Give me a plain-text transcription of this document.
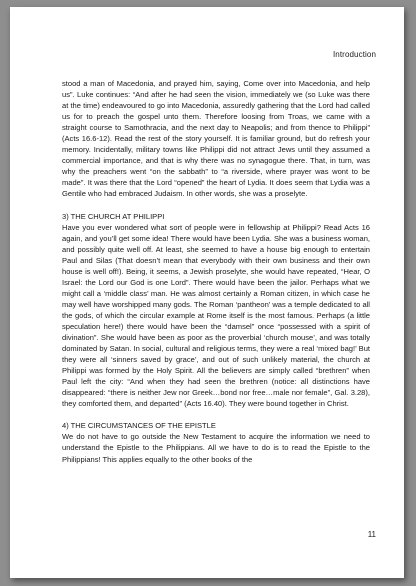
Introduction

stood a man of Macedonia, and prayed him, saying, Come over into Macedonia, and help us”. Luke continues: “And after he had seen the vision, immediately we (so Luke was there at the time) endeavoured to go into Macedonia, assuredly gathering that the Lord had called us for to preach the gospel unto them. Therefore loosing from Troas, we came with a straight course to Samothracia, and the next day to Neapolis; and from thence to Philippi” (Acts 16.6-12). Read the rest of the story yourself. It is familiar ground, but do refresh your memory. Incidentally, military towns like Philippi did not attract Jews until they assumed a commercial importance, and that is why there was no synagogue there. That, in turn, was why the preachers went “on the sabbath” to “a riverside, where prayer was wont to be made”. It was there that the Lord “opened” the heart of Lydia. It does seem that Lydia was a Gentile who had embraced Judaism. In other words, she was a proselyte.

3) THE CHURCH AT PHILIPPI

Have you ever wondered what sort of people were in fellowship at Philippi? Read Acts 16 again, and you’ll get some idea! There would have been Lydia. She was a business woman, and possibly quite well off. At least, she seemed to have a house big enough to entertain Paul and Silas (That doesn’t mean that everybody with their own business and their own house is well off!). Being, it seems, a Jewish proselyte, she would have repeated, “Hear, O Israel: the Lord our God is one Lord”. There would have been the jailor. Perhaps what we might call a ‘middle class’ man. He was almost certainly a Roman citizen, in which case he may well have worshipped many gods. The Roman ‘pantheon’ was a temple dedicated to all the gods, of which the circular example at Rome itself is the most famous. Perhaps (a little speculation here!) there would have been the “damsel” once “possessed with a spirit of divination”. She would have been as poor as the proverbial ‘church mouse’, and was totally dominated by Satan. In social, cultural and religious terms, they were a real ‘mixed bag!’ But they were all ‘sinners saved by grace’, and out of such unlikely material, the church at Philippi was formed by the Holy Spirit. All the believers are simply called “brethren” when Paul left the city: “And when they had seen the brethren (notice: all distinctions have disappeared: “there is neither Jew nor Greek…bond nor free…male nor female”, Gal. 3.28), they comforted them, and departed” (Acts 16.40). They were bound together in Christ.

4) THE CIRCUMSTANCES OF THE EPISTLE

We do not have to go outside the New Testament to acquire the information we need to understand the Epistle to the Philippians. All we have to do is to read the Epistle to the Philippians! This applies equally to the other books of the

11
